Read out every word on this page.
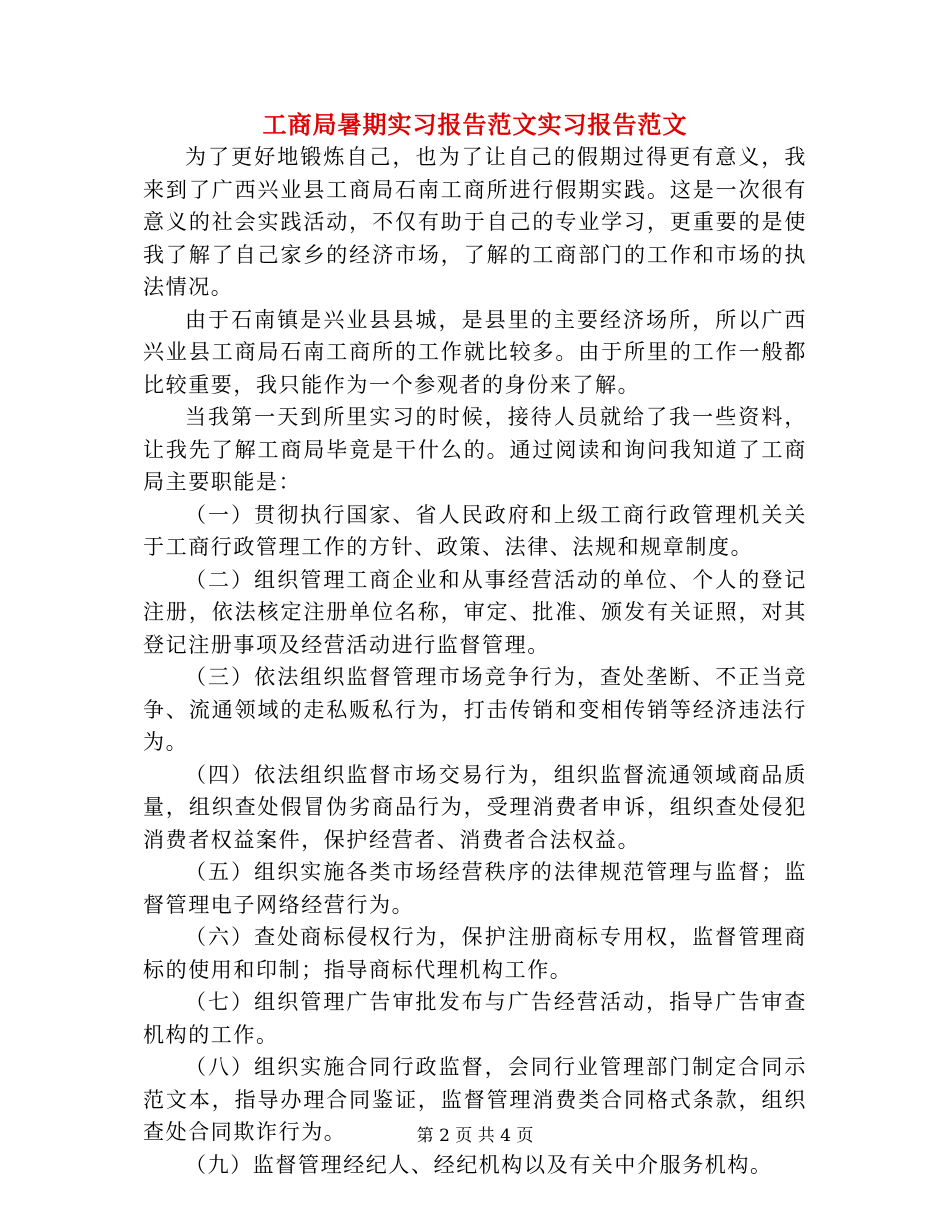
工商局暑期实习报告范文实习报告范文

为了更好地锻炼自己，也为了让自己的假期过得更有意义，我来到了广西兴业县工商局石南工商所进行假期实践。这是一次很有意义的社会实践活动，不仅有助于自己的专业学习，更重要的是使我了解了自己家乡的经济市场，了解的工商部门的工作和市场的执法情况。

由于石南镇是兴业县县城，是县里的主要经济场所，所以广西兴业县工商局石南工商所的工作就比较多。由于所里的工作一般都比较重要，我只能作为一个参观者的身份来了解。

当我第一天到所里实习的时候，接待人员就给了我一些资料，让我先了解工商局毕竟是干什么的。通过阅读和询问我知道了工商局主要职能是：

（一）贯彻执行国家、省人民政府和上级工商行政管理机关关于工商行政管理工作的方针、政策、法律、法规和规章制度。

（二）组织管理工商企业和从事经营活动的单位、个人的登记注册，依法核定注册单位名称，审定、批准、颁发有关证照，对其登记注册事项及经营活动进行监督管理。

（三）依法组织监督管理市场竞争行为，查处垄断、不正当竞争、流通领域的走私贩私行为，打击传销和变相传销等经济违法行为。

（四）依法组织监督市场交易行为，组织监督流通领域商品质量，组织查处假冒伪劣商品行为，受理消费者申诉，组织查处侵犯消费者权益案件，保护经营者、消费者合法权益。

（五）组织实施各类市场经营秩序的法律规范管理与监督；监督管理电子网络经营行为。

（六）查处商标侵权行为，保护注册商标专用权，监督管理商标的使用和印制；指导商标代理机构工作。

（七）组织管理广告审批发布与广告经营活动，指导广告审查机构的工作。

（八）组织实施合同行政监督，会同行业管理部门制定合同示范文本，指导办理合同鉴证，监督管理消费类合同格式条款，组织查处合同欺诈行为。

（九）监督管理经纪人、经纪机构以及有关中介服务机构。

第 2 页 共 4 页
